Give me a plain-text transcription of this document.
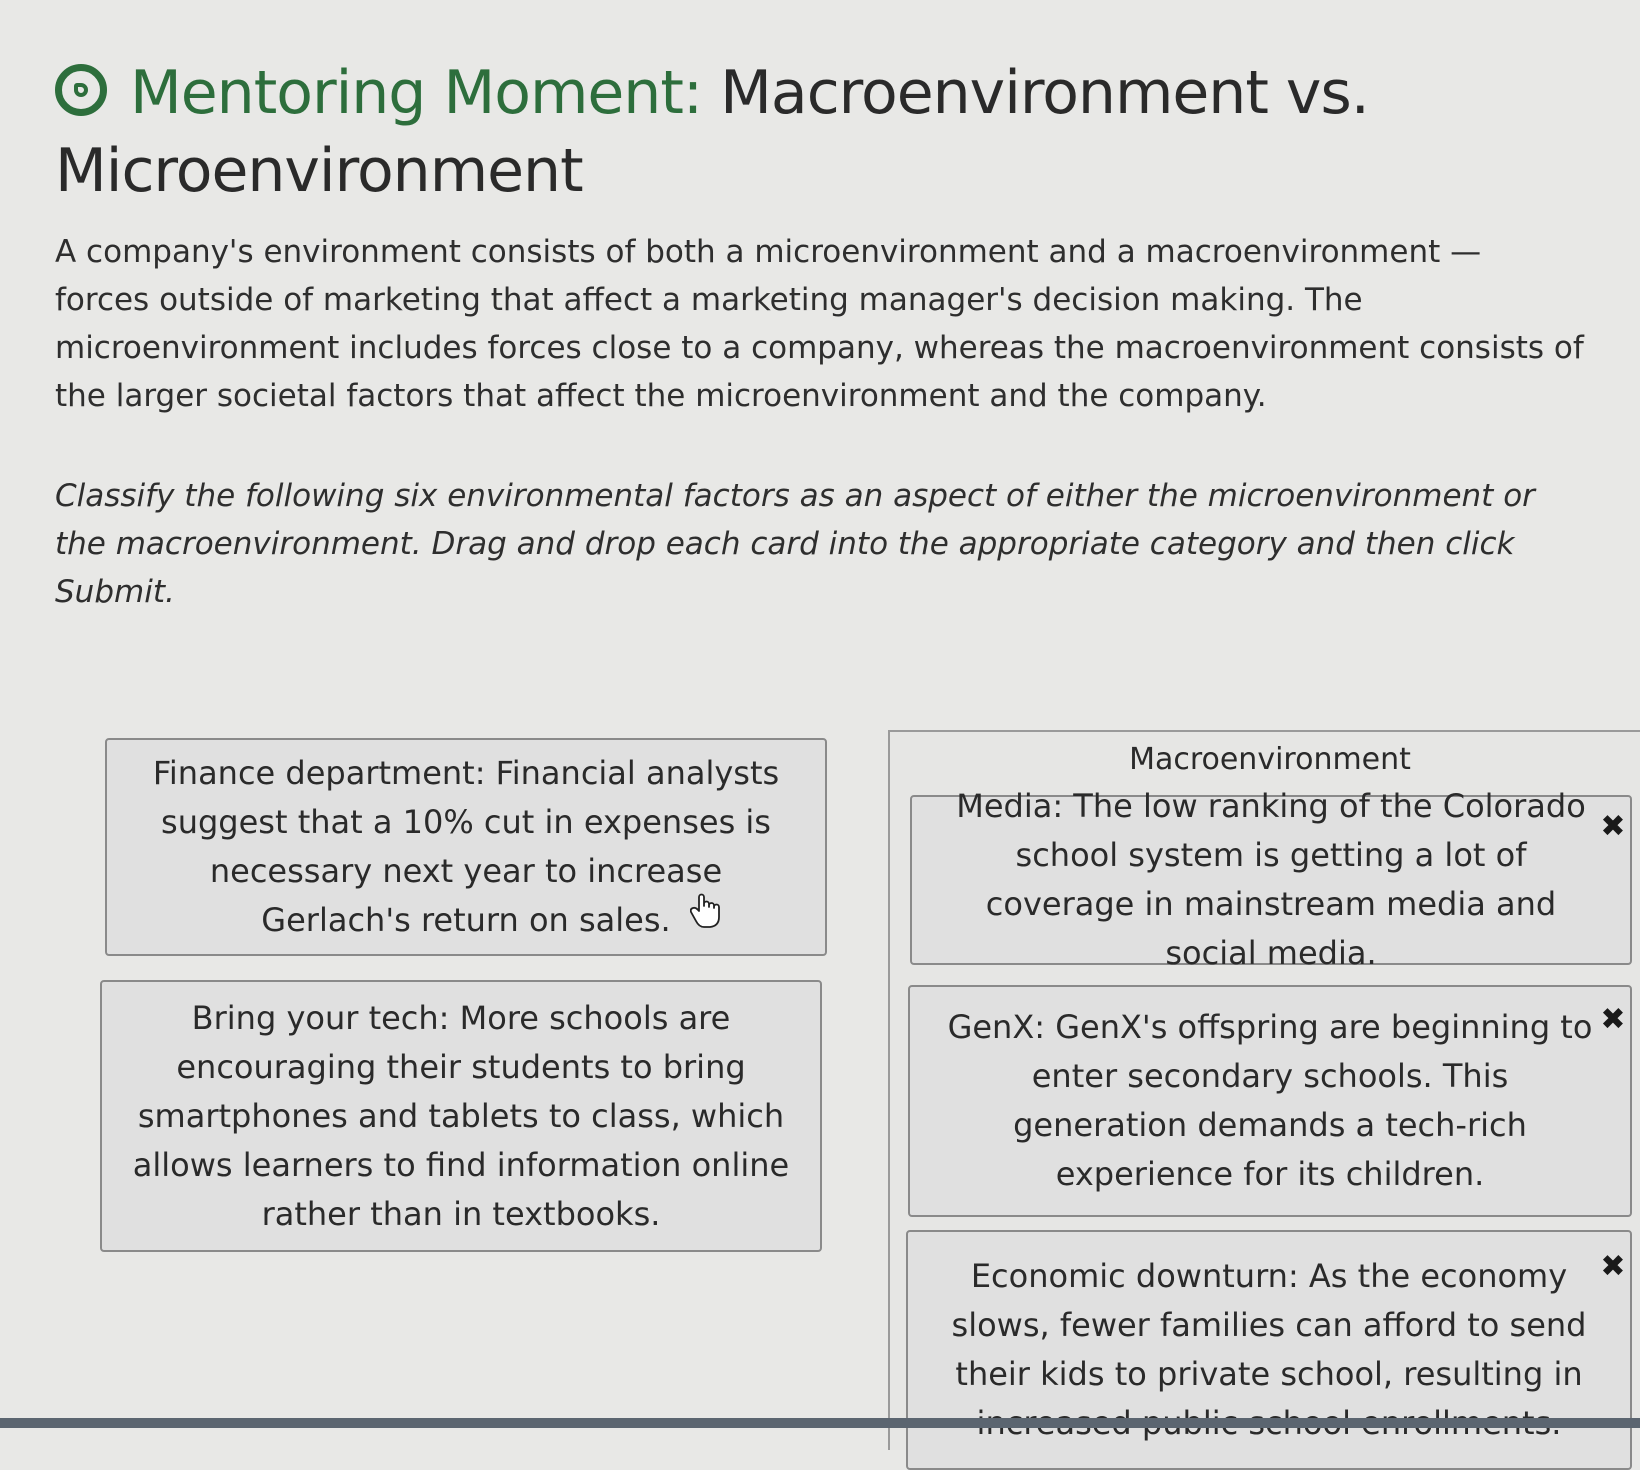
Mentoring Moment: Macroenvironment vs.
Microenvironment
A company's environment consists of both a microenvironment and a macroenvironment — forces outside of marketing that affect a marketing manager's decision making. The microenvironment includes forces close to a company, whereas the macroenvironment consists of the larger societal factors that affect the microenvironment and the company.
Classify the following six environmental factors as an aspect of either the microenvironment or the macroenvironment. Drag and drop each card into the appropriate category and then click Submit.
Finance department: Financial analysts suggest that a 10% cut in expenses is necessary next year to increase Gerlach's return on sales.
Bring your tech: More schools are encouraging their students to bring smartphones and tablets to class, which allows learners to find information online rather than in textbooks.
Macroenvironment
Media: The low ranking of the Colorado school system is getting a lot of coverage in mainstream media and social media.
✖
GenX: GenX's offspring are beginning to enter secondary schools. This generation demands a tech-rich experience for its children.
✖
Economic downturn: As the economy slows, fewer families can afford to send their kids to private school, resulting in
✖
